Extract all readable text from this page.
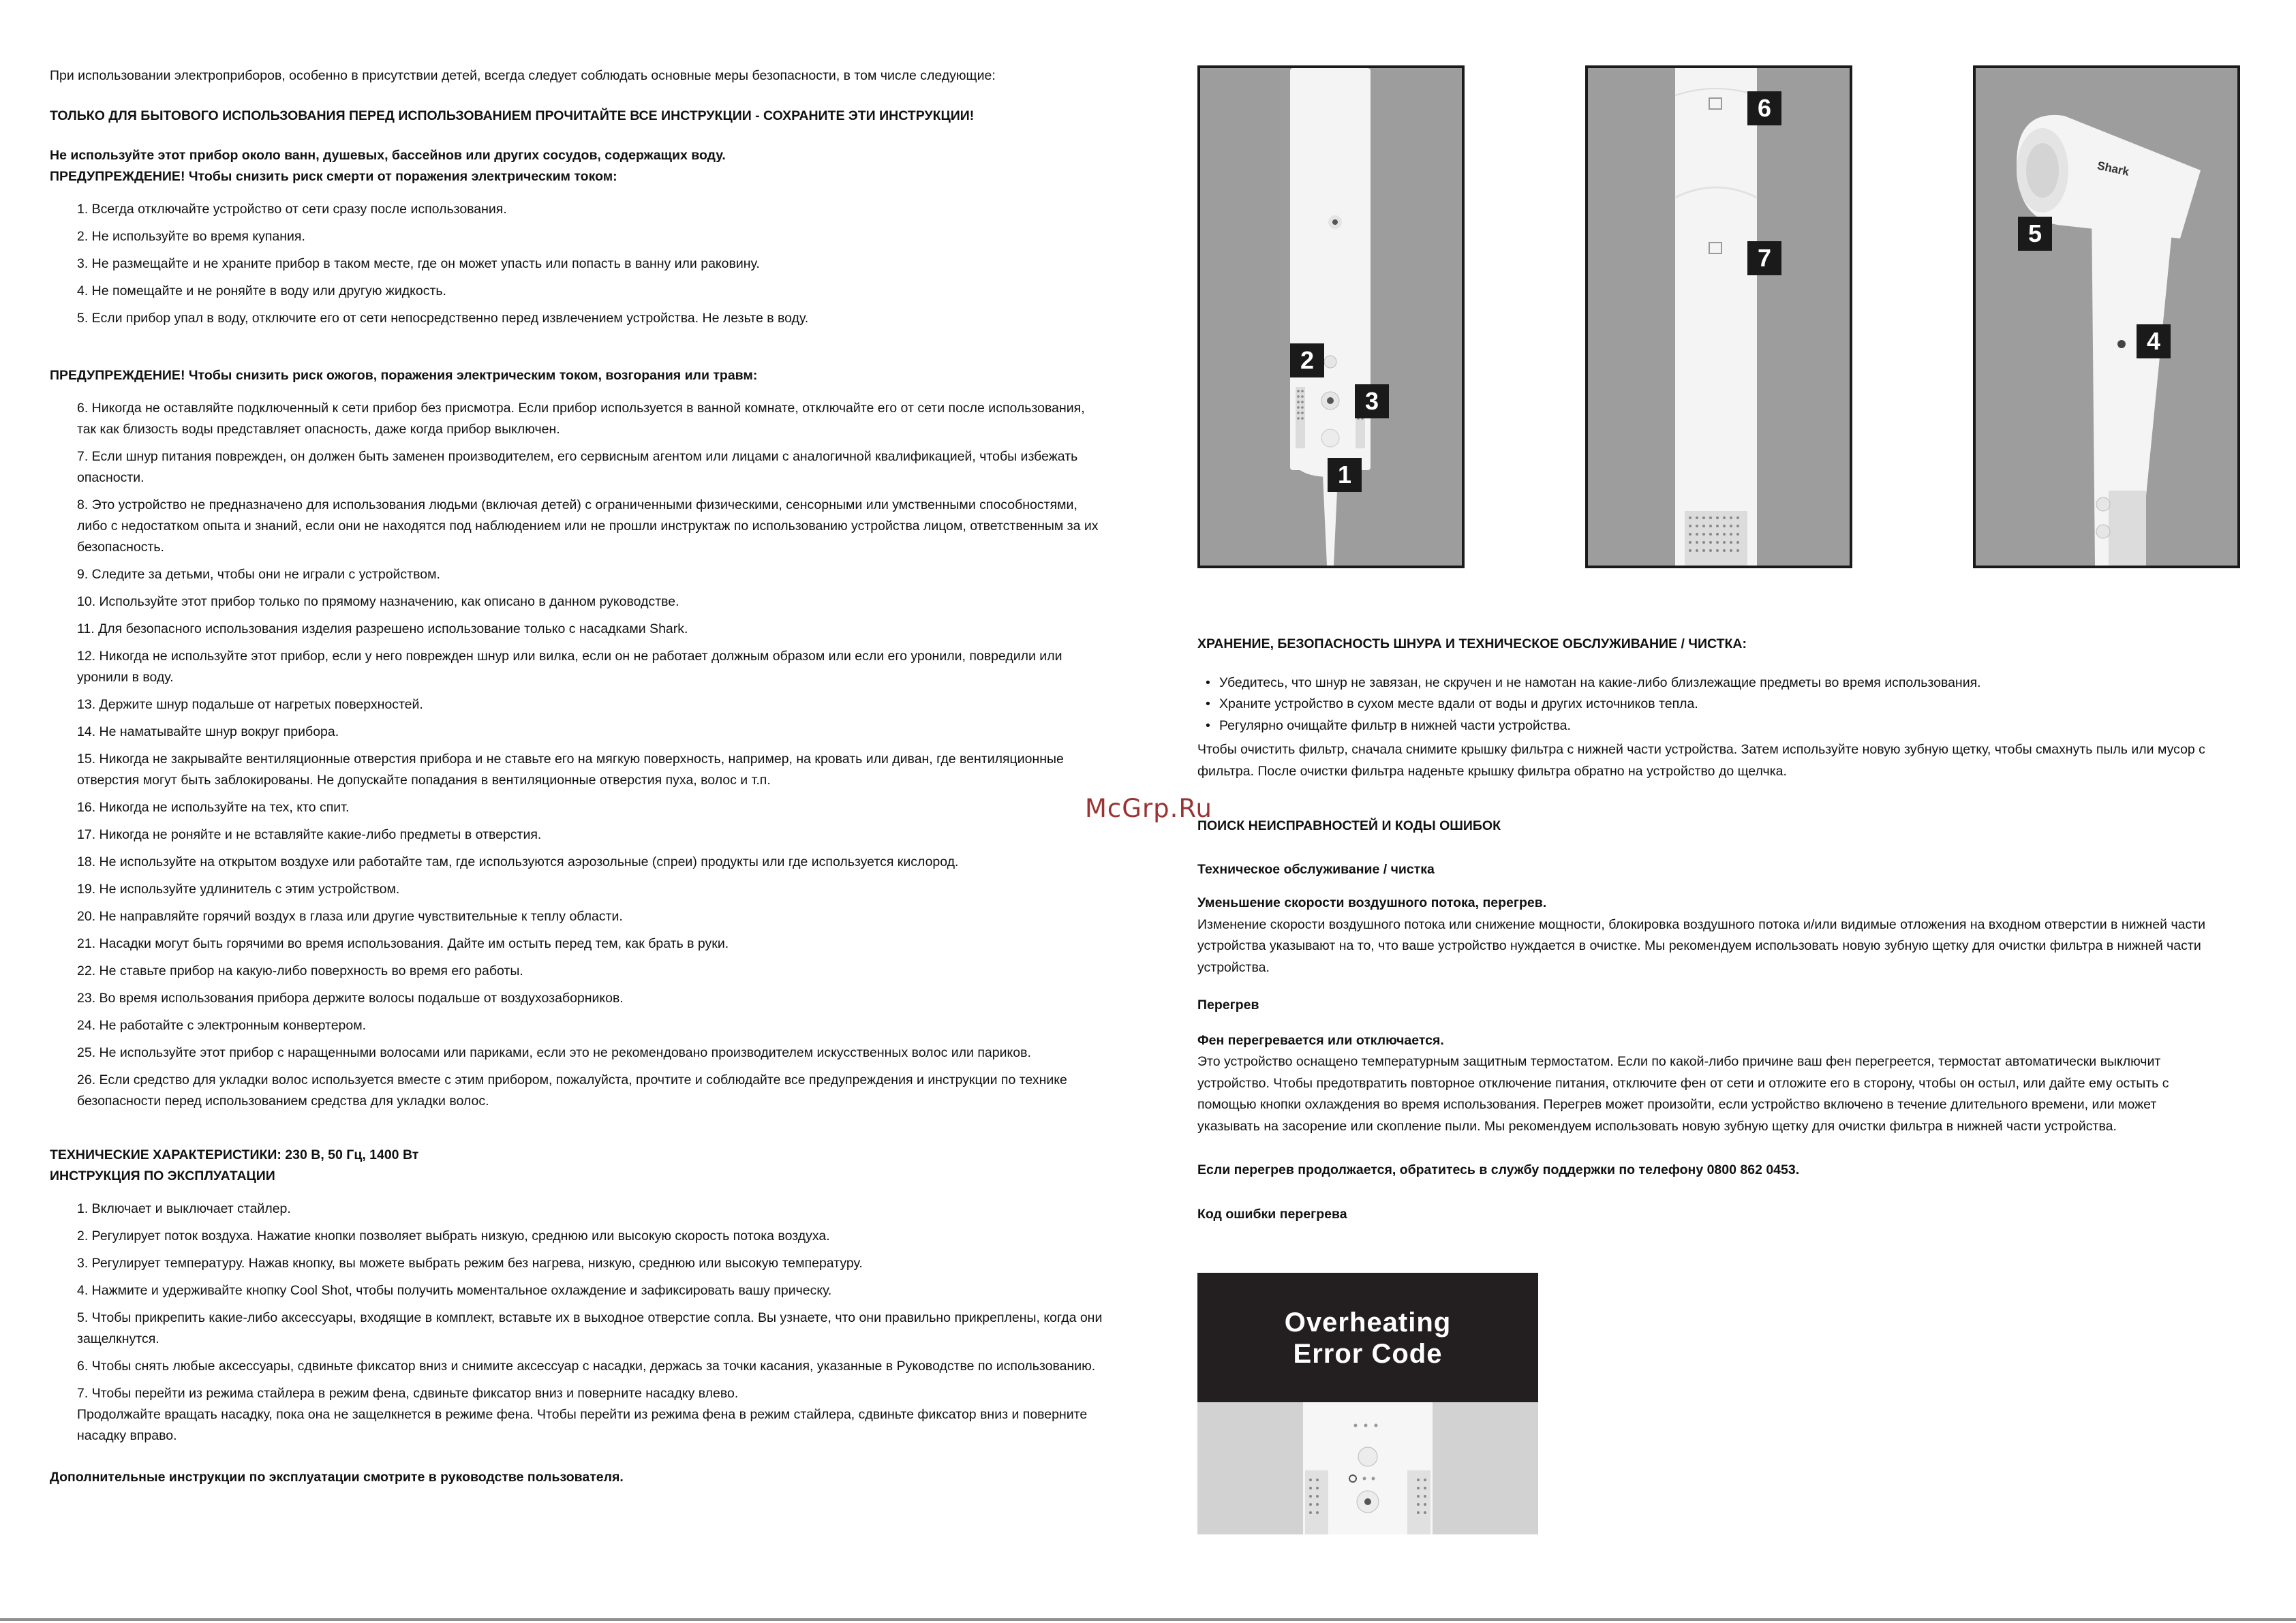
При использовании электроприборов, особенно в присутствии детей, всегда следует соблюдать основные меры безопасности, в том числе следующие:

ТОЛЬКО ДЛЯ БЫТОВОГО ИСПОЛЬЗОВАНИЯ ПЕРЕД ИСПОЛЬЗОВАНИЕМ ПРОЧИТАЙТЕ ВСЕ ИНСТРУКЦИИ - СОХРАНИТЕ ЭТИ ИНСТРУКЦИИ!

Не используйте этот прибор около ванн, душевых, бассейнов или других сосудов, содержащих воду.

ПРЕДУПРЕЖДЕНИЕ! Чтобы снизить риск смерти от поражения электрическим током:

1. Всегда отключайте устройство от сети сразу после использования.
2. Не используйте во время купания.
3. Не размещайте и не храните прибор в таком месте, где он может упасть или попасть в ванну или раковину.
4. Не помещайте и не роняйте в воду или другую жидкость.
5. Если прибор упал в воду, отключите его от сети непосредственно перед извлечением устройства. Не лезьте в воду.

ПРЕДУПРЕЖДЕНИЕ! Чтобы снизить риск ожогов, поражения электрическим током, возгорания или травм:

6. Никогда не оставляйте подключенный к сети прибор без присмотра. Если прибор используется в ванной комнате, отключайте его от сети после использования, так как близость воды представляет опасность, даже когда прибор выключен.
7. Если шнур питания поврежден, он должен быть заменен производителем, его сервисным агентом или лицами с аналогичной квалификацией, чтобы избежать опасности.
8. Это устройство не предназначено для использования людьми (включая детей) с ограниченными физическими, сенсорными или умственными способностями, либо с недостатком опыта и знаний, если они не находятся под наблюдением или не прошли инструктаж по использованию устройства лицом, ответственным за их безопасность.
9. Следите за детьми, чтобы они не играли с устройством.
10. Используйте этот прибор только по прямому назначению, как описано в данном руководстве.
11. Для безопасного использования изделия разрешено использование только с насадками Shark.
12. Никогда не используйте этот прибор, если у него поврежден шнур или вилка, если он не работает должным образом или если его уронили, повредили или уронили в воду.
13. Держите шнур подальше от нагретых поверхностей.
14. Не наматывайте шнур вокруг прибора.
15. Никогда не закрывайте вентиляционные отверстия прибора и не ставьте его на мягкую поверхность, например, на кровать или диван, где вентиляционные отверстия могут быть заблокированы. Не допускайте попадания в вентиляционные отверстия пуха, волос и т.п.
16. Никогда не используйте на тех, кто спит.
17. Никогда не роняйте и не вставляйте какие-либо предметы в отверстия.
18. Не используйте на открытом воздухе или работайте там, где используются аэрозольные (спреи) продукты или где используется кислород.
19. Не используйте удлинитель с этим устройством.
20. Не направляйте горячий воздух в глаза или другие чувствительные к теплу области.
21. Насадки могут быть горячими во время использования. Дайте им остыть перед тем, как брать в руки.
22. Не ставьте прибор на какую-либо поверхность во время его работы.
23. Во время использования прибора держите волосы подальше от воздухозаборников.
24. Не работайте с электронным конвертером.
25. Не используйте этот прибор с наращенными волосами или париками, если это не рекомендовано производителем искусственных волос или париков.
26. Если средство для укладки волос используется вместе с этим прибором, пожалуйста, прочтите и соблюдайте все предупреждения и инструкции по технике безопасности перед использованием средства для укладки волос.

ТЕХНИЧЕСКИЕ ХАРАКТЕРИСТИКИ: 230 В, 50 Гц, 1400 Вт

ИНСТРУКЦИЯ ПО ЭКСПЛУАТАЦИИ

1. Включает и выключает стайлер.
2. Регулирует поток воздуха. Нажатие кнопки позволяет выбрать низкую, среднюю или высокую скорость потока воздуха.
3. Регулирует температуру. Нажав кнопку, вы можете выбрать режим без нагрева, низкую, среднюю или высокую температуру.
4. Нажмите и удерживайте кнопку Cool Shot, чтобы получить моментальное охлаждение и зафиксировать вашу прическу.
5. Чтобы прикрепить какие-либо аксессуары, входящие в комплект, вставьте их в выходное отверстие сопла. Вы узнаете, что они правильно прикреплены, когда они защелкнутся.
6. Чтобы снять любые аксессуары, сдвиньте фиксатор вниз и снимите аксессуар с насадки, держась за точки касания, указанные в Руководстве по использованию.
7. Чтобы перейти из режима стайлера в режим фена, сдвиньте фиксатор вниз и поверните насадку влево.
Продолжайте вращать насадку, пока она не защелкнется в режиме фена. Чтобы перейти из режима фена в режим стайлера, сдвиньте фиксатор вниз и поверните насадку вправо.

Дополнительные инструкции по эксплуатации смотрите в руководстве пользователя.

2
3
1
6
7
Shark
5
4
McGrp.Ru

ХРАНЕНИЕ, БЕЗОПАСНОСТЬ ШНУРА И ТЕХНИЧЕСКОЕ ОБСЛУЖИВАНИЕ / ЧИСТКА:

• Убедитесь, что шнур не завязан, не скручен и не намотан на какие-либо близлежащие предметы во время использования.
• Храните устройство в сухом месте вдали от воды и других источников тепла.
• Регулярно очищайте фильтр в нижней части устройства.

Чтобы очистить фильтр, сначала снимите крышку фильтра с нижней части устройства. Затем используйте новую зубную щетку, чтобы смахнуть пыль или мусор с фильтра. После очистки фильтра наденьте крышку фильтра обратно на устройство до щелчка.

ПОИСК НЕИСПРАВНОСТЕЙ И КОДЫ ОШИБОК

Техническое обслуживание / чистка

Уменьшение скорости воздушного потока, перегрев.

Изменение скорости воздушного потока или снижение мощности, блокировка воздушного потока и/или видимые отложения на входном отверстии в нижней части устройства указывают на то, что ваше устройство нуждается в очистке. Мы рекомендуем использовать новую зубную щетку для очистки фильтра в нижней части устройства.

Перегрев

Фен перегревается или отключается.

Это устройство оснащено температурным защитным термостатом. Если по какой-либо причине ваш фен перегреется, термостат автоматически выключит устройство. Чтобы предотвратить повторное отключение питания, отключите фен от сети и отложите его в сторону, чтобы он остыл, или дайте ему остыть с помощью кнопки охлаждения во время использования. Перегрев может произойти, если устройство включено в течение длительного времени, или может указывать на засорение или скопление пыли. Мы рекомендуем использовать новую зубную щетку для очистки фильтра в нижней части устройства.

Если перегрев продолжается, обратитесь в службу поддержки по телефону 0800 862 0453.

Код ошибки перегрева

Overheating
Error Code
